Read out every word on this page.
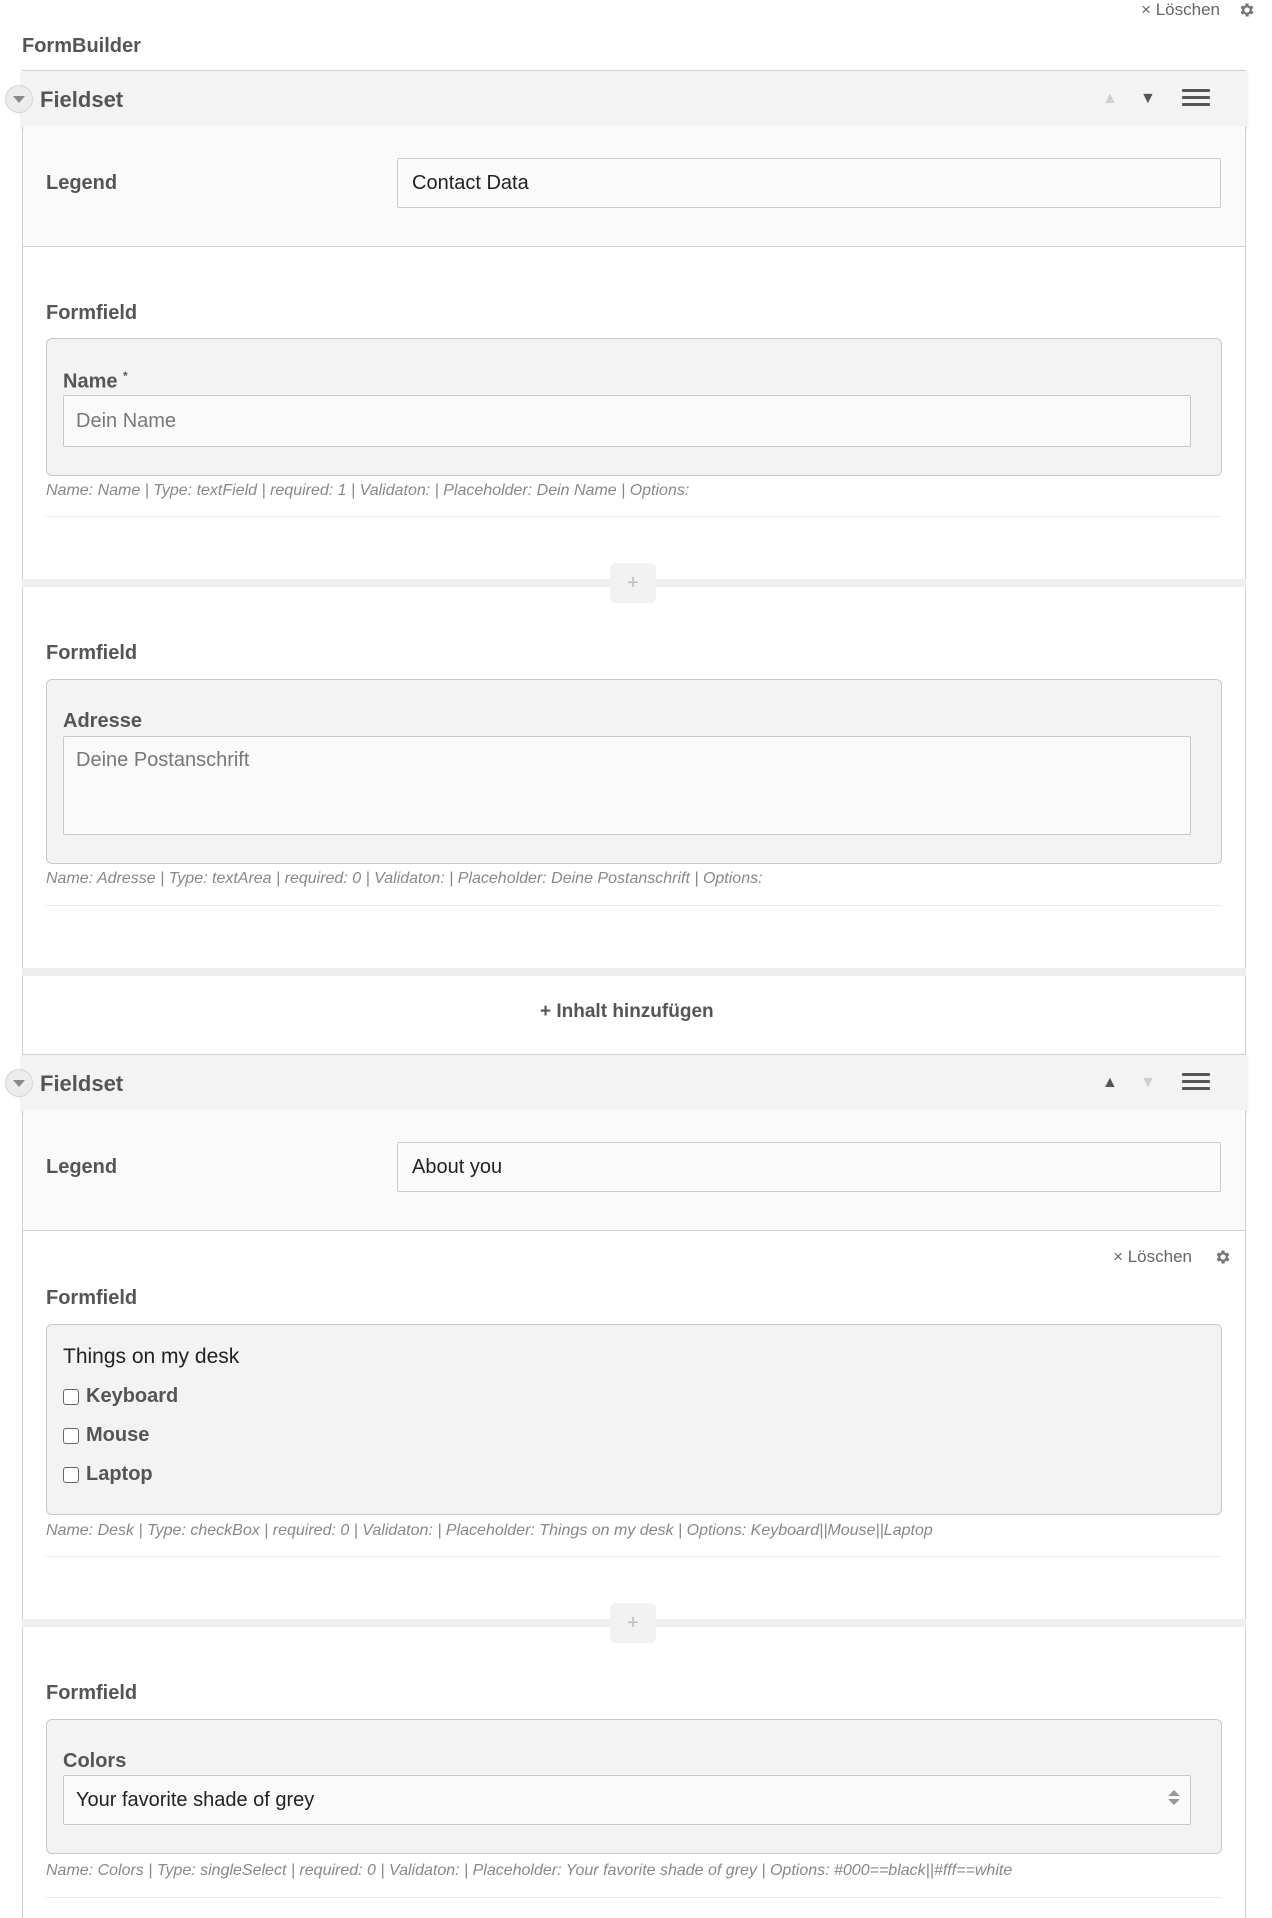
× Löschen
FormBuilder
Fieldset	▲ ▼
Legend	Contact Data
Formfield
Name *
Dein Name
Name: Name | Type: textField | required: 1 | Validaton: | Placeholder: Dein Name | Options:
+
Formfield
Adresse
Deine Postanschrift
Name: Adresse | Type: textArea | required: 0 | Validaton: | Placeholder: Deine Postanschrift | Options:
+ Inhalt hinzufügen
Fieldset	▲ ▼
Legend	About you
× Löschen
Formfield
Things on my desk
Keyboard
Mouse
Laptop
Name: Desk | Type: checkBox | required: 0 | Validaton: | Placeholder: Things on my desk | Options: Keyboard||Mouse||Laptop
+
Formfield
Colors
Your favorite shade of grey
Name: Colors | Type: singleSelect | required: 0 | Validaton: | Placeholder: Your favorite shade of grey | Options: #000==black||#fff==white
